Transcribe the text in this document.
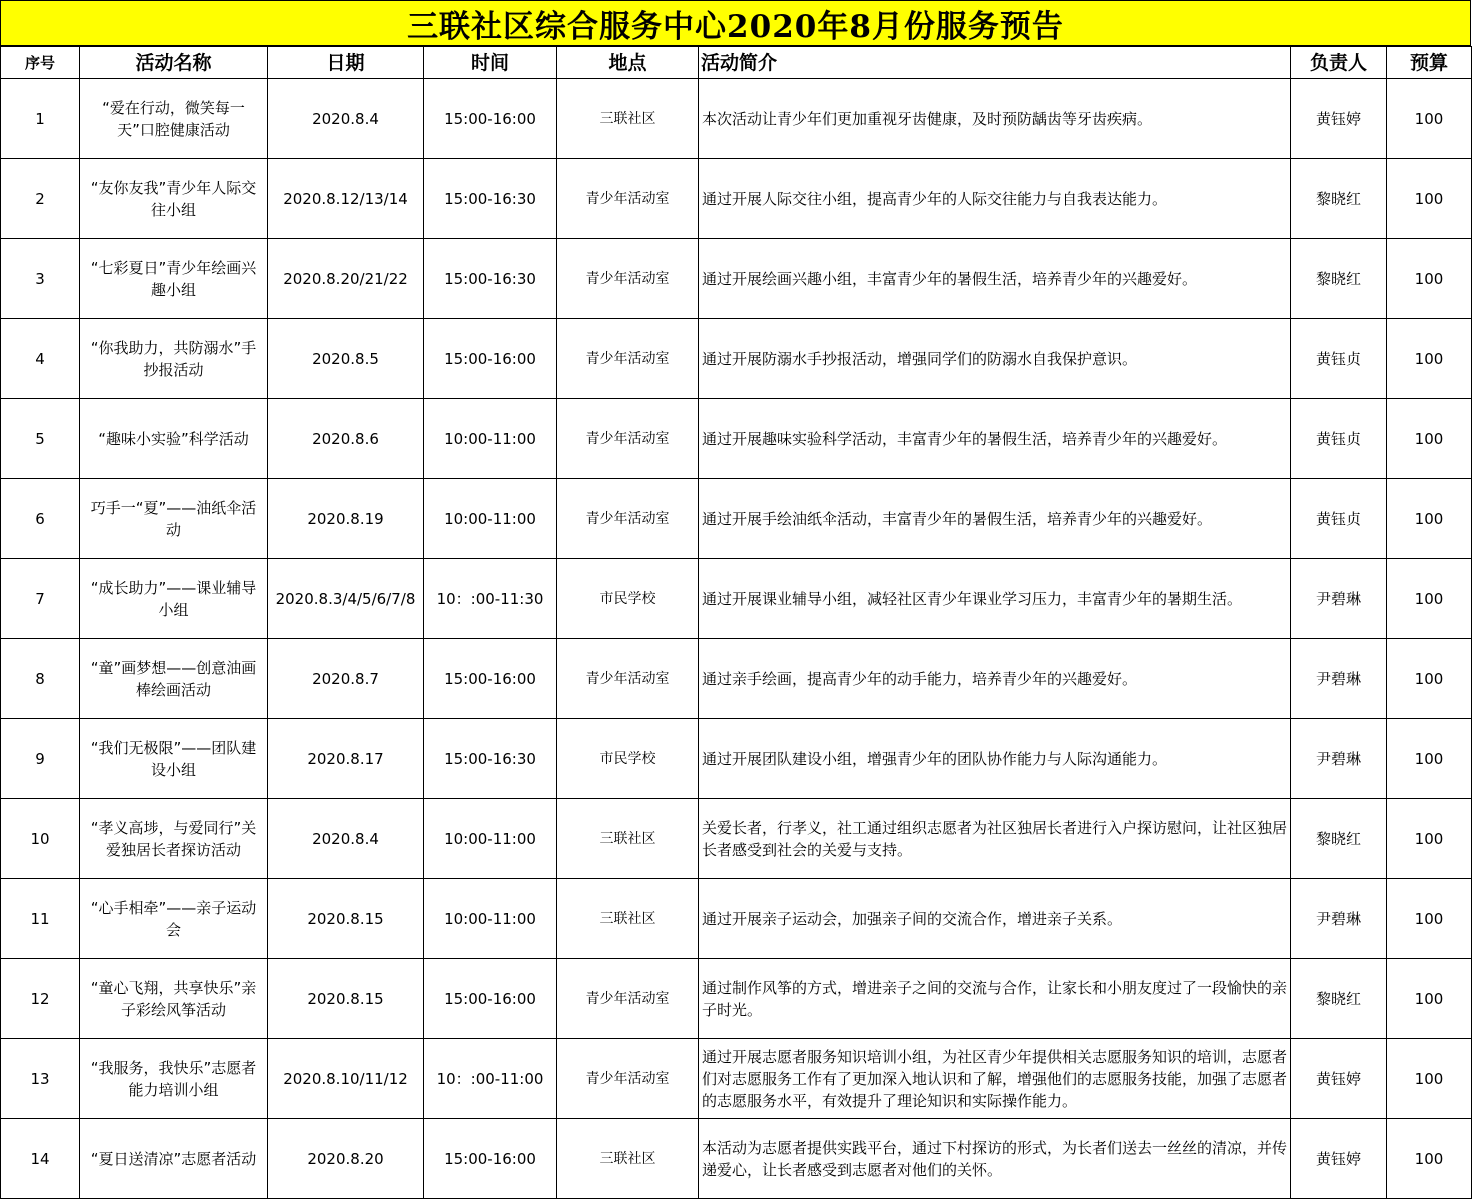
三联社区综合服务中心2020年8月份服务预告
序号	活动名称	日期	时间	地点	活动简介	负责人	预算
1	“爱在行动，微笑每一天”口腔健康活动	2020.8.4	15:00-16:00	三联社区	本次活动让青少年们更加重视牙齿健康，及时预防龋齿等牙齿疾病。	黄钰婷	100
2	“友你友我”青少年人际交往小组	2020.8.12/13/14	15:00-16:30	青少年活动室	通过开展人际交往小组，提高青少年的人际交往能力与自我表达能力。	黎晓红	100
3	“七彩夏日”青少年绘画兴趣小组	2020.8.20/21/22	15:00-16:30	青少年活动室	通过开展绘画兴趣小组，丰富青少年的暑假生活，培养青少年的兴趣爱好。	黎晓红	100
4	“你我助力，共防溺水”手抄报活动	2020.8.5	15:00-16:00	青少年活动室	通过开展防溺水手抄报活动，增强同学们的防溺水自我保护意识。	黄钰贞	100
5	“趣味小实验”科学活动	2020.8.6	10:00-11:00	青少年活动室	通过开展趣味实验科学活动，丰富青少年的暑假生活，培养青少年的兴趣爱好。	黄钰贞	100
6	巧手一“夏”——油纸伞活动	2020.8.19	10:00-11:00	青少年活动室	通过开展手绘油纸伞活动，丰富青少年的暑假生活，培养青少年的兴趣爱好。	黄钰贞	100
7	“成长助力”——课业辅导小组	2020.8.3/4/5/6/7/8	10：:00-11:30	市民学校	通过开展课业辅导小组，减轻社区青少年课业学习压力，丰富青少年的暑期生活。	尹碧琳	100
8	“童”画梦想——创意油画棒绘画活动	2020.8.7	15:00-16:00	青少年活动室	通过亲手绘画，提高青少年的动手能力，培养青少年的兴趣爱好。	尹碧琳	100
9	“我们无极限”——团队建设小组	2020.8.17	15:00-16:30	市民学校	通过开展团队建设小组，增强青少年的团队协作能力与人际沟通能力。	尹碧琳	100
10	“孝义高埗，与爱同行”关爱独居长者探访活动	2020.8.4	10:00-11:00	三联社区	关爱长者，行孝义，社工通过组织志愿者为社区独居长者进行入户探访慰问，让社区独居长者感受到社会的关爱与支持。	黎晓红	100
11	“心手相牵”——亲子运动会	2020.8.15	10:00-11:00	三联社区	通过开展亲子运动会，加强亲子间的交流合作，增进亲子关系。	尹碧琳	100
12	“童心飞翔，共享快乐”亲子彩绘风筝活动	2020.8.15	15:00-16:00	青少年活动室	通过制作风筝的方式，增进亲子之间的交流与合作，让家长和小朋友度过了一段愉快的亲子时光。	黎晓红	100
13	“我服务，我快乐”志愿者能力培训小组	2020.8.10/11/12	10：:00-11:00	青少年活动室	通过开展志愿者服务知识培训小组，为社区青少年提供相关志愿服务知识的培训，志愿者们对志愿服务工作有了更加深入地认识和了解，增强他们的志愿服务技能，加强了志愿者的志愿服务水平，有效提升了理论知识和实际操作能力。	黄钰婷	100
14	“夏日送清凉”志愿者活动	2020.8.20	15:00-16:00	三联社区	本活动为志愿者提供实践平台，通过下村探访的形式，为长者们送去一丝丝的清凉，并传递爱心，让长者感受到志愿者对他们的关怀。	黄钰婷	100
